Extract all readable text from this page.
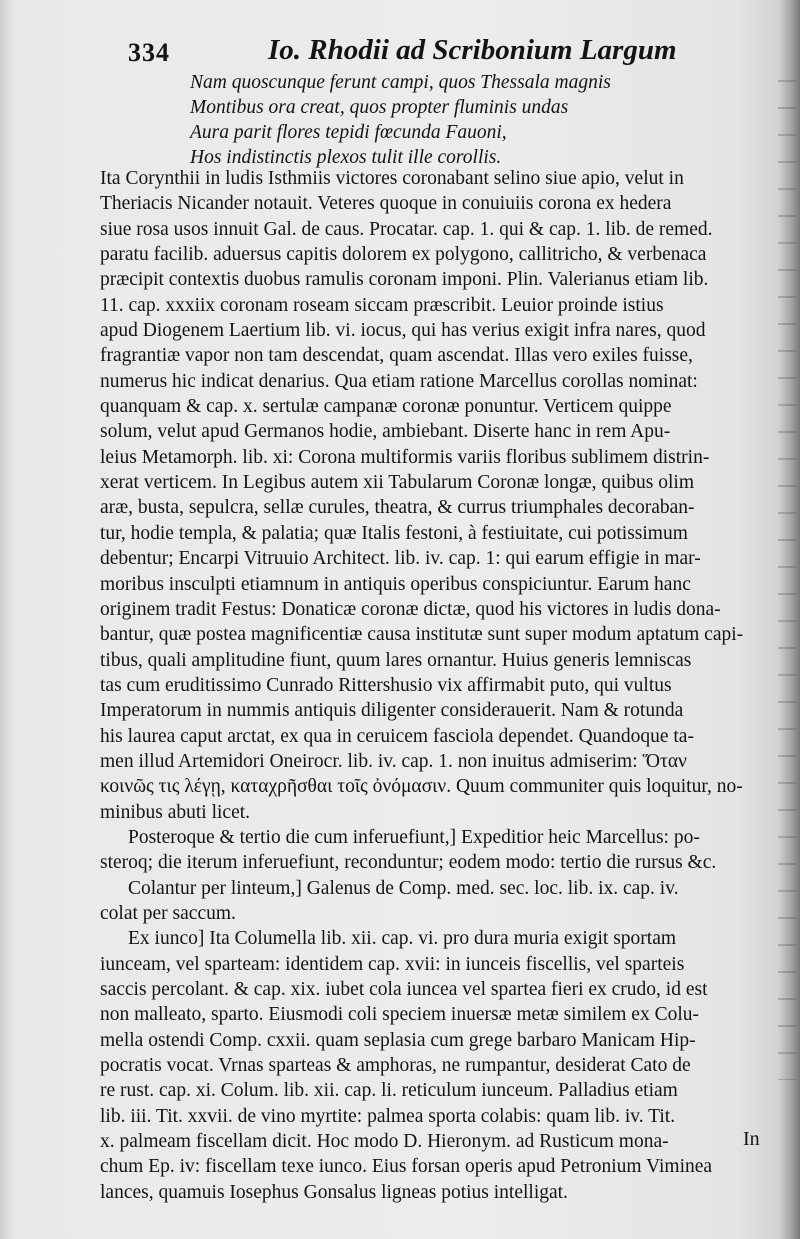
334	Io. Rhodii ad Scribonium Largum
Nam quoscunque ferunt campi, quos Thessala magnis
Montibus ora creat, quos propter fluminis undas
Aura parit flores tepidi fœcunda Fauoni,
Hos indistinctis plexos tulit ille corollis.
Ita Corynthii in ludis Isthmiis victores coronabant selino siue apio, velut in
Theriacis Nicander notauit. Veteres quoque in conuiuiis corona ex hedera
siue rosa usos innuit Gal. de caus. Procatar. cap. 1. qui & cap. 1. lib. de remed.
paratu facilib. aduersus capitis dolorem ex polygono, callitricho, & verbenaca
præcipit contextis duobus ramulis coronam imponi. Plin. Valerianus etiam lib.
11. cap. xxxiix coronam roseam siccam præscribit. Leuior proinde istius
apud Diogenem Laertium lib. vi. iocus, qui has verius exigit infra nares, quod
fragrantiæ vapor non tam descendat, quam ascendat. Illas vero exiles fuisse,
numerus hic indicat denarius. Qua etiam ratione Marcellus corollas nominat:
quanquam & cap. x. sertulæ campanæ coronæ ponuntur. Verticem quippe
solum, velut apud Germanos hodie, ambiebant. Diserte hanc in rem Apu-
leius Metamorph. lib. xi: Corona multiformis variis floribus sublimem distrin-
xerat verticem. In Legibus autem xii Tabularum Coronæ longæ, quibus olim
aræ, busta, sepulcra, sellæ curules, theatra, & currus triumphales decoraban-
tur, hodie templa, & palatia; quæ Italis festoni, à festiuitate, cui potissimum
debentur; Encarpi Vitruuio Architect. lib. iv. cap. 1: qui earum effigie in mar-
moribus insculpti etiamnum in antiquis operibus conspiciuntur. Earum hanc
originem tradit Festus: Donaticæ coronæ dictæ, quod his victores in ludis dona-
bantur, quæ postea magnificentiæ causa institutæ sunt super modum aptatum capi-
tibus, quali amplitudine fiunt, quum lares ornantur. Huius generis lemniscas
tas cum eruditissimo Cunrado Rittershusio vix affirmabit puto, qui vultus
Imperatorum in nummis antiquis diligenter considerauerit. Nam & rotunda
his laurea caput arctat, ex qua in ceruicem fasciola dependet. Quandoque ta-
men illud Artemidori Oneirocr. lib. iv. cap. 1. non inuitus admiserim: Ὅταν
κοινῶς τις λέγῃ, καταχρῆσθαι τοῖς ὀνόμασιν. Quum communiter quis loquitur, no-
minibus abuti licet.
Posteroque & tertio die cum inferuefiunt,] Expeditior heic Marcellus: po-
steroq; die iterum inferuefiunt, reconduntur; eodem modo: tertio die rursus &c.
Colantur per linteum,] Galenus de Comp. med. sec. loc. lib. ix. cap. iv.
colat per saccum.
Ex iunco] Ita Columella lib. xii. cap. vi. pro dura muria exigit sportam
iunceam, vel sparteam: identidem cap. xvii: in iunceis fiscellis, vel sparteis
saccis percolant. & cap. xix. iubet cola iuncea vel spartea fieri ex crudo, id est
non malleato, sparto. Eiusmodi coli speciem inuersæ metæ similem ex Colu-
mella ostendi Comp. cxxii. quam seplasia cum grege barbaro Manicam Hip-
pocratis vocat. Vrnas sparteas & amphoras, ne rumpantur, desiderat Cato de
re rust. cap. xi. Colum. lib. xii. cap. li. reticulum iunceum. Palladius etiam
lib. iii. Tit. xxvii. de vino myrtite: palmea sporta colabis: quam lib. iv. Tit.
x. palmeam fiscellam dicit. Hoc modo D. Hieronym. ad Rusticum mona-
chum Ep. iv: fiscellam texe iunco. Eius forsan operis apud Petronium Viminea
lances, quamuis Iosephus Gonsalus ligneas potius intelligat.
In
